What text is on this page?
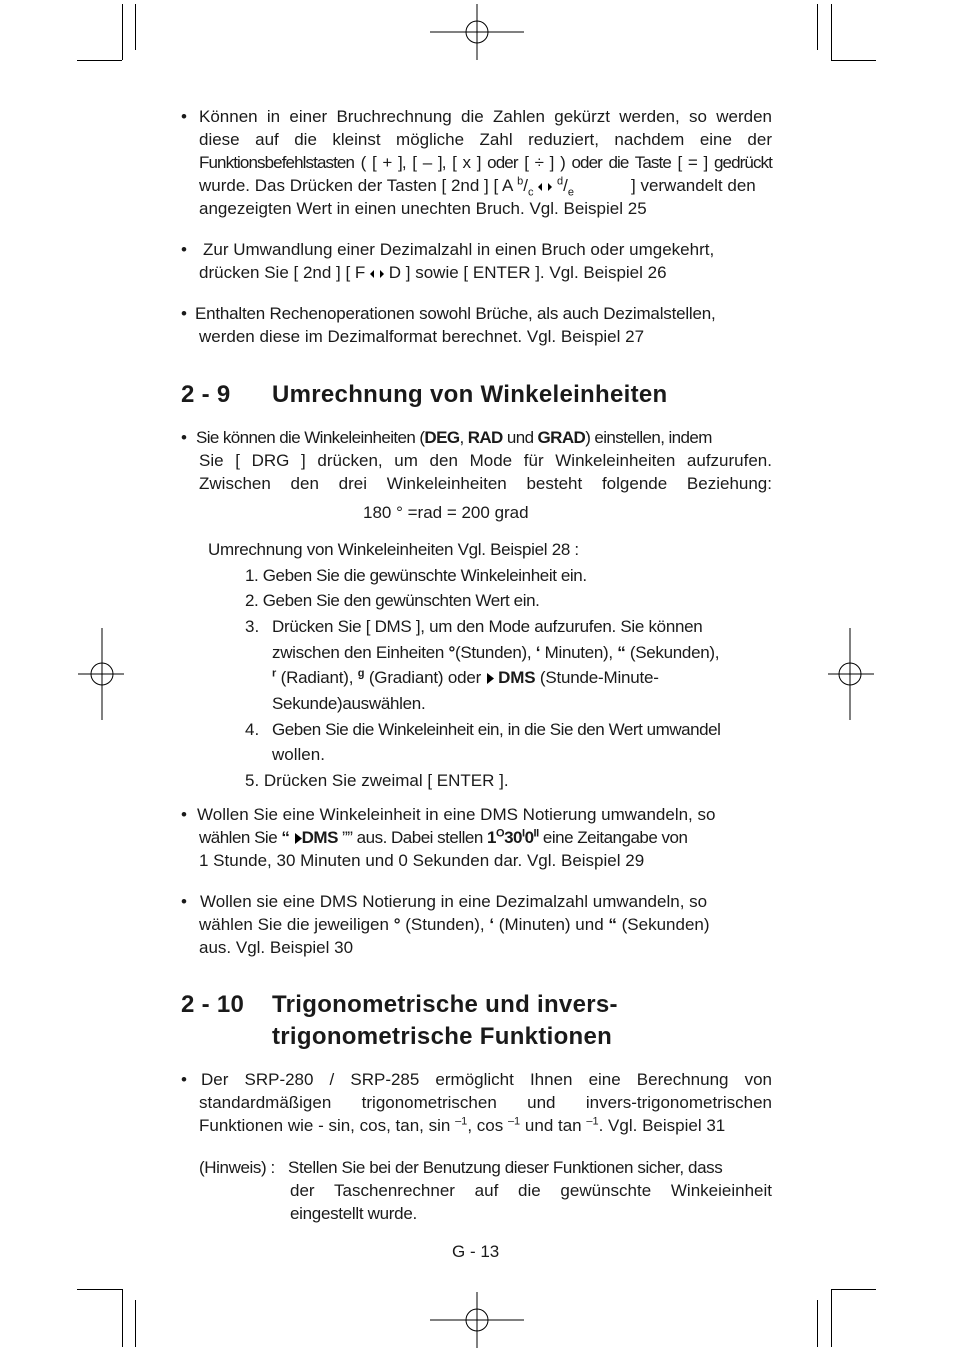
• Können in einer Bruchrechnung die Zahlen gekürzt werden, so werden
diese auf die kleinst mögliche Zahl reduziert, nachdem eine der
Funktionsbefehlstasten ( [ + ], [ – ], [ x ] oder [ ÷ ] ) oder die Taste [ = ] gedrückt
wurde. Das Drücken der Tasten [ 2nd ] [ A $^b/_c$  $^d/_e$	] verwandelt den
angezeigten Wert in einen unechten Bruch. Vgl. Beispiel 25
• Zur Umwandlung einer Dezimalzahl in einen Bruch oder umgekehrt,
drücken Sie [ 2nd ] [ F D ] sowie [ ENTER ]. Vgl. Beispiel 26
• Enthalten Rechenoperationen sowohl Brüche, als auch Dezimalstellen,
werden diese im Dezimalformat berechnet. Vgl. Beispiel 27
2 - 9 Umrechnung von Winkeleinheiten
• Sie können die Winkeleinheiten (DEG, RAD und GRAD) einstellen, indem
Sie [ DRG ] drücken, um den Mode für Winkeleinheiten aufzurufen.
Zwischen den drei Winkeleinheiten besteht folgende Beziehung:
180 ° =rad = 200 grad
Umrechnung von Winkeleinheiten Vgl. Beispiel 28 :
1. Geben Sie die gewünschte Winkeleinheit ein.
2. Geben Sie den gewünschten Wert ein.
3. Drücken Sie [ DMS ], um den Mode aufzurufen. Sie können
zwischen den Einheiten °(Stunden), ‘ Minuten), “ (Sekunden),
$^r$ (Radiant), $^g$ (Gradiant) oder  DMS (Stunde-Minute-
Sekunde)auswählen.
4. Geben Sie die Winkeleinheit ein, in die Sie den Wert umwandel
wollen.
5. Drücken Sie zweimal [ ENTER ].
• Wollen Sie eine Winkeleinheit in eine DMS Notierung umwandeln, so
wählen Sie “ DMS ”” aus. Dabei stellen $1^O30^I0^{II}$ eine Zeitangabe von
1 Stunde, 30 Minuten und 0 Sekunden dar. Vgl. Beispiel 29
• Wollen sie eine DMS Notierung in eine Dezimalzahl umwandeln, so
wählen Sie die jeweiligen ° (Stunden), ‘ (Minuten) und “ (Sekunden)
aus. Vgl. Beispiel 30
2 - 10 Trigonometrische und invers-
trigonometrische Funktionen
• Der SRP-280 / SRP-285 ermöglicht Ihnen eine Berechnung von
standardmäßigen trigonometrischen und invers-trigonometrischen
Funktionen wie - sin, cos, tan, sin $^{-1}$, cos $^{-1}$ und tan $^{-1}$. Vgl. Beispiel 31
(Hinweis) : Stellen Sie bei der Benutzung dieser Funktionen sicher, dass
der Taschenrechner auf die gewünschte Winkeieinheit
eingestellt wurde.
G - 13
